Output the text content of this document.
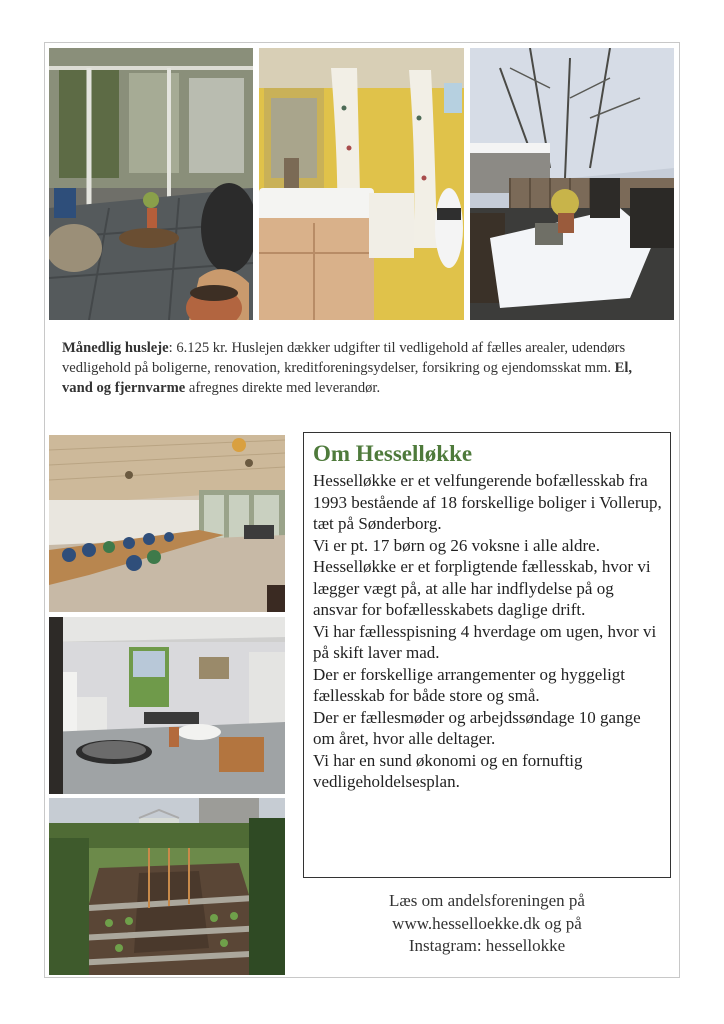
Månedlig husleje: 6.125 kr. Huslejen dækker udgifter til vedligehold af fælles arealer, udendørs vedligehold på boligerne, renovation, kreditforeningsydelser, forsikring og ejendomsskat mm. El, vand og fjernvarme afregnes direkte med leverandør.
Om Hesselløkke

Hesselløkke er et velfungerende bofællesskab fra 1993 bestående af 18 forskellige boliger i Vollerup, tæt på Sønderborg.

Vi er pt. 17 børn og 26 voksne i alle aldre.

Hesselløkke er et forpligtende fællesskab, hvor vi lægger vægt på, at alle har indflydelse på og ansvar for bofællesskabets daglige drift.

Vi har fællesspisning 4 hverdage om ugen, hvor vi på skift laver mad.

Der er forskellige arrangementer og hyggeligt fællesskab for både store og små.

Der er fællesmøder og arbejdssøndage 10 gange om året, hvor alle deltager.

Vi har en sund økonomi og en fornuftig vedligeholdelsesplan.

Læs om andelsforeningen på
www.hesselloekke.dk og på
Instagram: hessellokke
